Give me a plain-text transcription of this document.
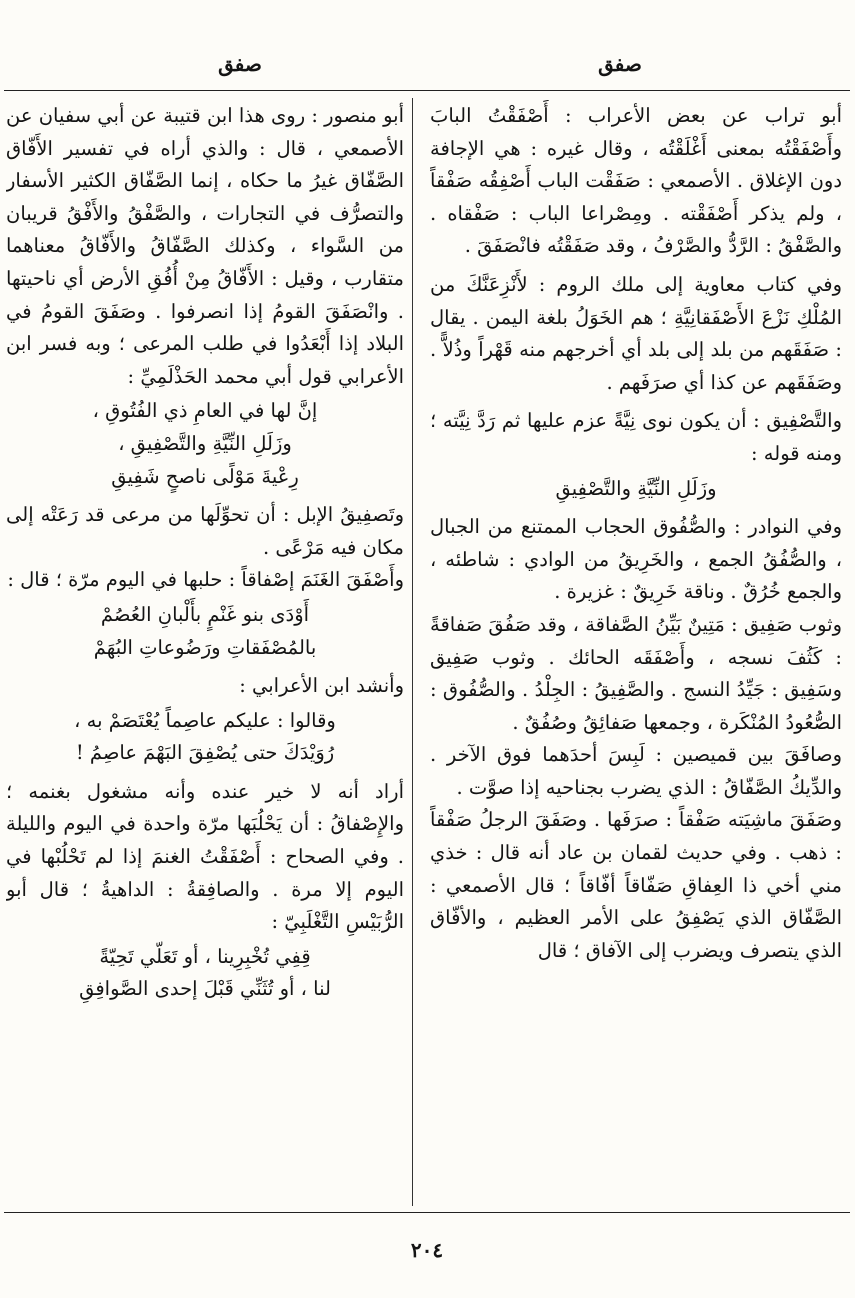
صفق
صفق

أبو تراب عن بعض الأعراب : أَصْفَقْتُ البابَ وأَصْفَقْتُه بمعنى أَغْلَقْتُه ، وقال غيره : هي الإجافة دون الإغلاق . الأصمعي : صَفَقْت الباب أَصْفِقُه صَفْقاً ، ولم يذكر أَصْفَقْته . ومِصْراعا الباب : صَفْقاه . والصَّفْقُ : الرَّدُّ والصَّرْفُ ، وقد صَفَقْتُه فانْصَفَقَ .

وفي كتاب معاوية إلى ملك الروم : لأَنْزِعَنَّكَ من المُلْكِ نَزْعَ الأَصْفَقانِيَّةِ ؛ هم الخَوَلُ بلغة اليمن . يقال : صَفَقَهم من بلد إلى بلد أي أخرجهم منه قَهْراً وذُلاًّ . وصَفَقَهم عن كذا أي صرَفَهم .

والتَّصْفِيق : أن يكون نوى نِيَّةً عزم عليها ثم رَدَّ نِيَّته ؛ ومنه قوله :

وزَلَلِ النِّيَّةِ والتَّصْفِيقِ

وفي النوادر : والصُّفُوق الحجاب الممتنع من الجبال ، والصُّفُقُ الجمع ، والخَرِيقُ من الوادي : شاطئه ، والجمع خُرُقٌ . وناقة خَرِيقٌ : غزيرة .

وثوب صَفِيق : مَتِينٌ بَيِّنُ الصَّفاقة ، وقد صَفُقَ صَفاقةً : كَثُفَ نسجه ، وأَصْفَقَه الحائك . وثوب صَفِيق وسَفِيق : جَيِّدُ النسج . والصَّفِيقُ : الجِلْدُ . والصُّفُوق : الصُّعُودُ المُنْكَرة ، وجمعها صَفائِقُ وصُفُقٌ .

وصافَقَ بين قميصين : لَبِسَ أحدَهما فوق الآخر . والدِّيكُ الصَّفّاقُ : الذي يضرب بجناحيه إذا صوَّت .

وصَفَقَ ماشِيَته صَفْقاً : صرَفَها . وصَفَقَ الرجلُ صَفْقاً : ذهب . وفي حديث لقمان بن عاد أنه قال : خذي مني أخي ذا العِفاقِ صَفّاقاً أفّاقاً ؛ قال الأصمعي : الصَّفّاق الذي يَصْفِقُ على الأمر العظيم ، والأفّاق الذي يتصرف ويضرب إلى الآفاق ؛ قال

أبو منصور : روى هذا ابن قتيبة عن أبي سفيان عن الأصمعي ، قال : والذي أراه في تفسير الأَفّاق الصَّفّاق غيرُ ما حكاه ، إنما الصَّفّاق الكثير الأسفار والتصرُّف في التجارات ، والصَّفْقُ والأَفْقُ قريبان من السَّواء ، وكذلك الصَّفّاقُ والأَفّاقُ معناهما متقارب ، وقيل : الأَفّاقُ مِنْ أُفُقِ الأرض أي ناحيتها . وانْصَفَقَ القومُ إذا انصرفوا . وصَفَقَ القومُ في البلاد إذا أَبْعَدُوا في طلب المرعى ؛ وبه فسر ابن الأعرابي قول أبي محمد الحَذْلَمِيِّ :

إنَّ لها في العامِ ذي الفُتُوقِ ،
وزَلَلِ النِّيَّةِ والتَّصْفِيقِ ،
رِعْيةَ مَوْلًى ناصحٍ شَفِيقِ

وتَصفِيقُ الإبل : أن تحوِّلَها من مرعى قد رَعَتْه إلى مكان فيه مَرْعًى .

وأَصْفَقَ الغَنَمَ إصْفاقاً : حلبها في اليوم مرّة ؛ قال :

أَوْدَى بنو غَنْمٍ بأَلْبانِ العُصُمْ
بالمُصْفَقاتِ ورَضُوعاتِ البُهَمْ

وأنشد ابن الأعرابي :

وقالوا : عليكم عاصِماً يُعْتَصَمْ به ،
رُوَيْدَكَ حتى يُصْفِقَ البَهْمَ عاصِمُ !

أراد أنه لا خير عنده وأنه مشغول بغنمه ؛ والإِصْفاقُ : أن يَحْلُبَها مرّة واحدة في اليوم والليلة . وفي الصحاح : أَصْفَقْتُ الغنمَ إذا لم تَحْلُبْها في اليوم إلا مرة . والصافِقةُ : الداهيةُ ؛ قال أبو الرُّبَيْسِ التَّغْلَبِيّ :

قِفِي تُخْبِرِينا ، أو تَعَلّي تَحِيّةً
لنا ، أو تُثَنِّي قَبْلَ إحدى الصَّوافِقِ
٢٠٤
